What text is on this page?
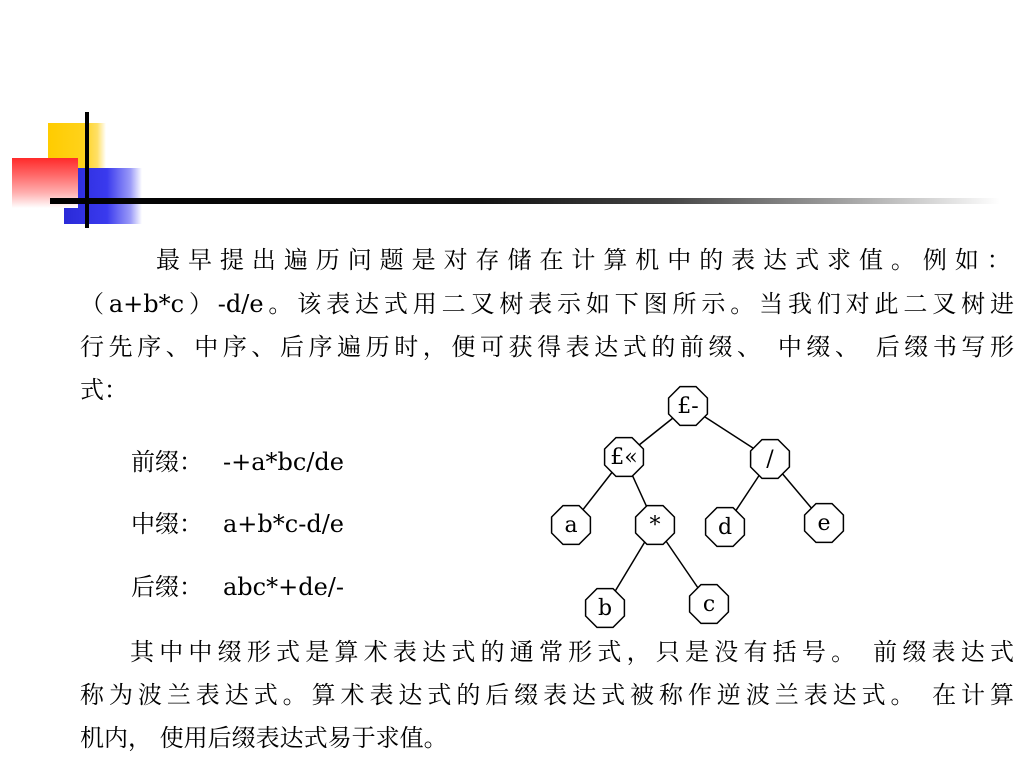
最早提出遍历问题是对存储在计算机中的表达式求值。例如：

（a+b*c）-d/e。该表达式用二叉树表示如下图所示。当我们对此二叉树进

行先序、中序、后序遍历时，便可获得表达式的前缀、 中缀、 后缀书写形

式：

前缀： -+a*bc/de
中缀： a+b*c-d/e
后缀： abc*+de/-

其中中缀形式是算术表达式的通常形式，只是没有括号。 前缀表达式

称为波兰表达式。算术表达式的后缀表达式被称作逆波兰表达式。 在计算

机内， 使用后缀表达式易于求值。

£-
£«	/
a	*	d	e
b	c
